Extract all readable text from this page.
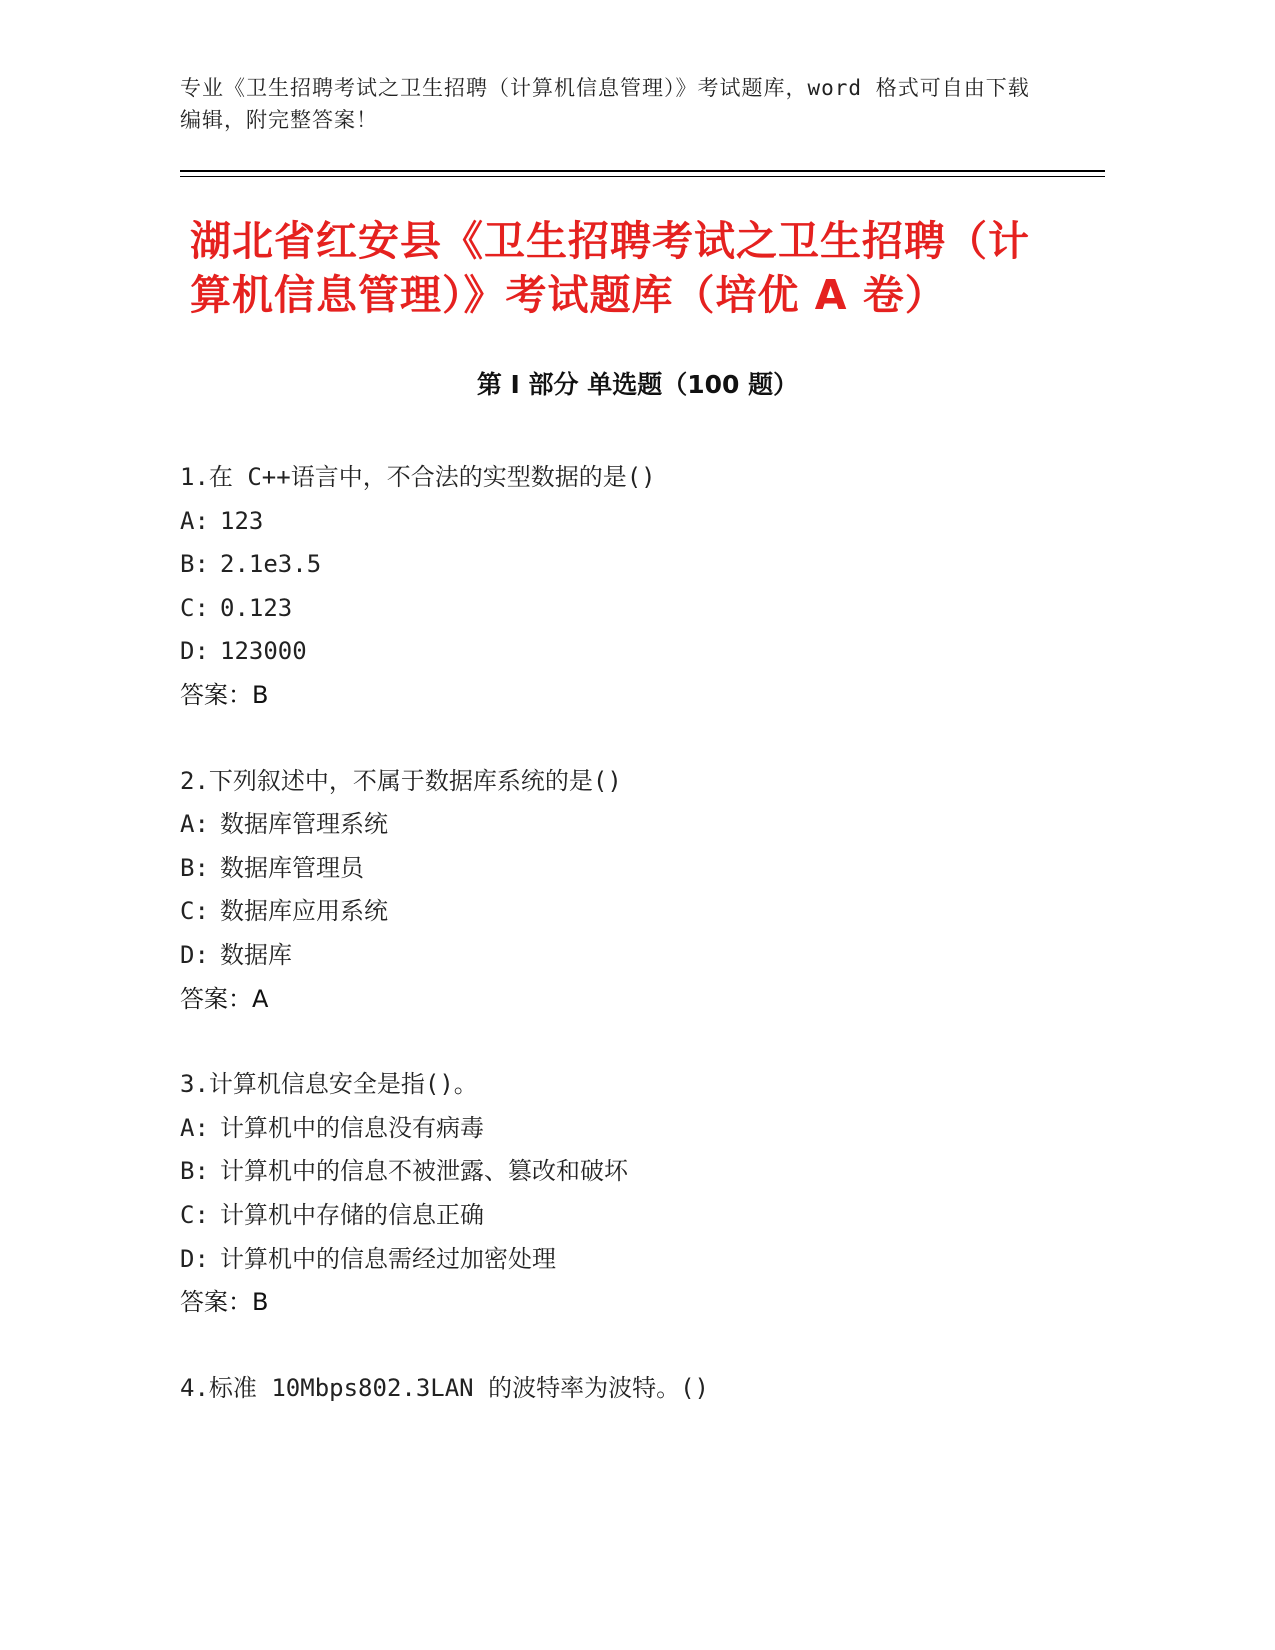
专业《卫生招聘考试之卫生招聘（计算机信息管理）》考试题库，word 格式可自由下载编辑，附完整答案！
湖北省红安县《卫生招聘考试之卫生招聘（计算机信息管理）》考试题库（培优 A 卷）
第 I 部分 单选题（100 题）
1.在 C++语言中，不合法的实型数据的是()
A: 123
B: 2.1e3.5
C: 0.123
D: 123000
答案：B
2.下列叙述中，不属于数据库系统的是()
A: 数据库管理系统
B: 数据库管理员
C: 数据库应用系统
D: 数据库
答案：A
3.计算机信息安全是指()。
A: 计算机中的信息没有病毒
B: 计算机中的信息不被泄露、篡改和破坏
C: 计算机中存储的信息正确
D: 计算机中的信息需经过加密处理
答案：B
4.标准 10Mbps802.3LAN 的波特率为波特。()
